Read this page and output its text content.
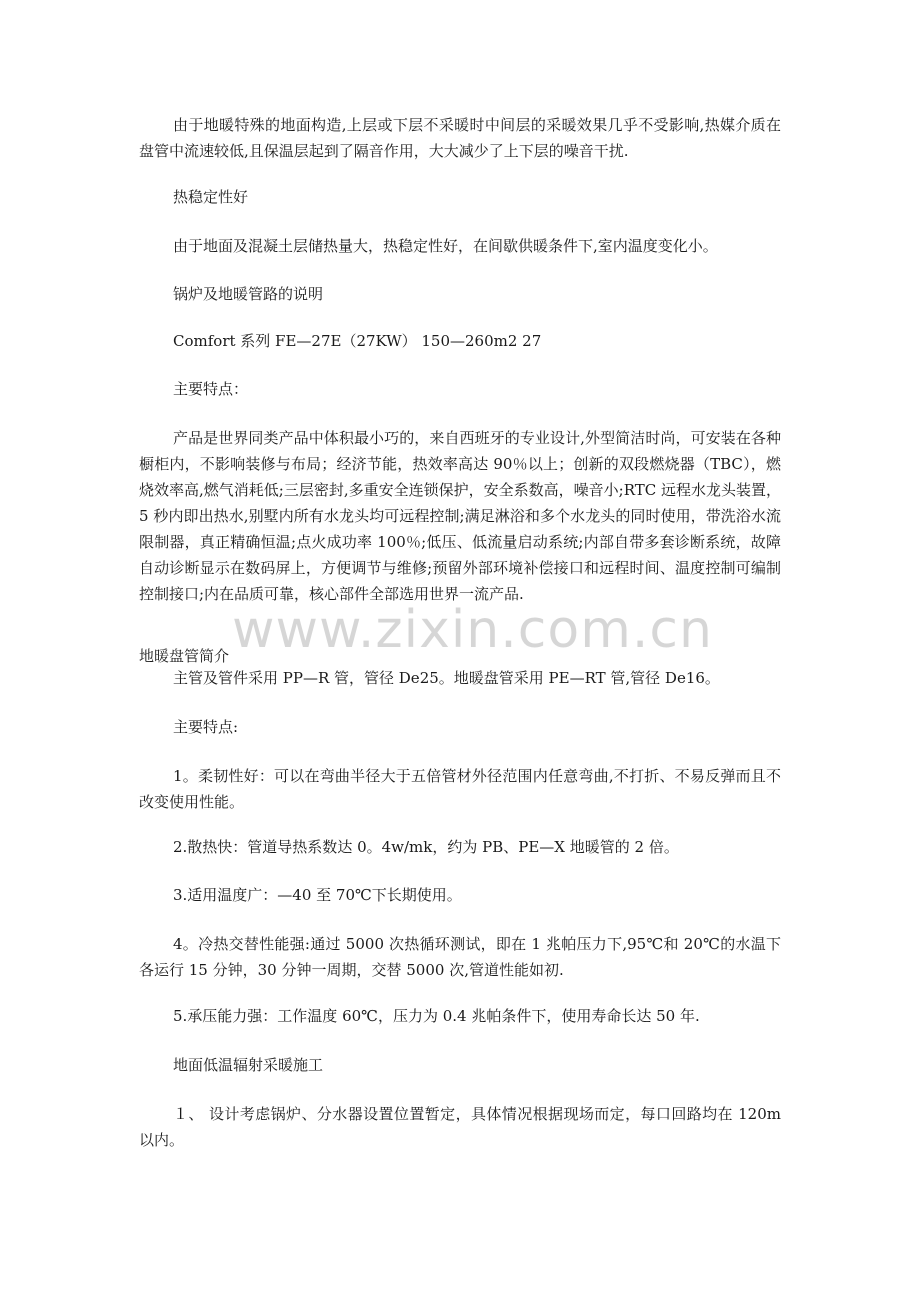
由于地暖特殊的地面构造,上层或下层不采暖时中间层的采暖效果几乎不受影响,热媒介质在盘管中流速较低,且保温层起到了隔音作用，大大减少了上下层的噪音干扰.

热稳定性好

由于地面及混凝土层储热量大，热稳定性好，在间歇供暖条件下,室内温度变化小。

锅炉及地暖管路的说明

Comfort 系列 FE—27E（27KW） 150—260m2 27

主要特点：

产品是世界同类产品中体积最小巧的，来自西班牙的专业设计,外型简洁时尚，可安装在各种橱柜内，不影响装修与布局；经济节能，热效率高达 90％以上；创新的双段燃烧器（TBC），燃烧效率高,燃气消耗低;三层密封,多重安全连锁保护，安全系数高，噪音小;RTC 远程水龙头装置，5 秒内即出热水,别墅内所有水龙头均可远程控制;满足淋浴和多个水龙头的同时使用，带洗浴水流限制器，真正精确恒温;点火成功率 100％;低压、低流量启动系统;内部自带多套诊断系统，故障自动诊断显示在数码屏上，方便调节与维修;预留外部环境补偿接口和远程时间、温度控制可编制控制接口;内在品质可靠，核心部件全部选用世界一流产品.

地暖盘管简介

主管及管件采用 PP—R 管，管径 De25。地暖盘管采用 PE—RT 管,管径 De16。

主要特点:

1。柔韧性好：可以在弯曲半径大于五倍管材外径范围内任意弯曲,不打折、不易反弹而且不改变使用性能。

2.散热快：管道导热系数达 0。4w/mk，约为 PB、PE—X 地暖管的 2 倍。

3.适用温度广：—40 至 70℃下长期使用。

4。冷热交替性能强:通过 5000 次热循环测试，即在 1 兆帕压力下,95℃和 20℃的水温下各运行 15 分钟，30 分钟一周期，交替 5000 次,管道性能如初.

5.承压能力强：工作温度 60℃，压力为 0.4 兆帕条件下，使用寿命长达 50 年.

地面低温辐射采暖施工

１、 设计考虑锅炉、分水器设置位置暂定，具体情况根据现场而定，每口回路均在 120m 以内。

www.zixin.com.cn
